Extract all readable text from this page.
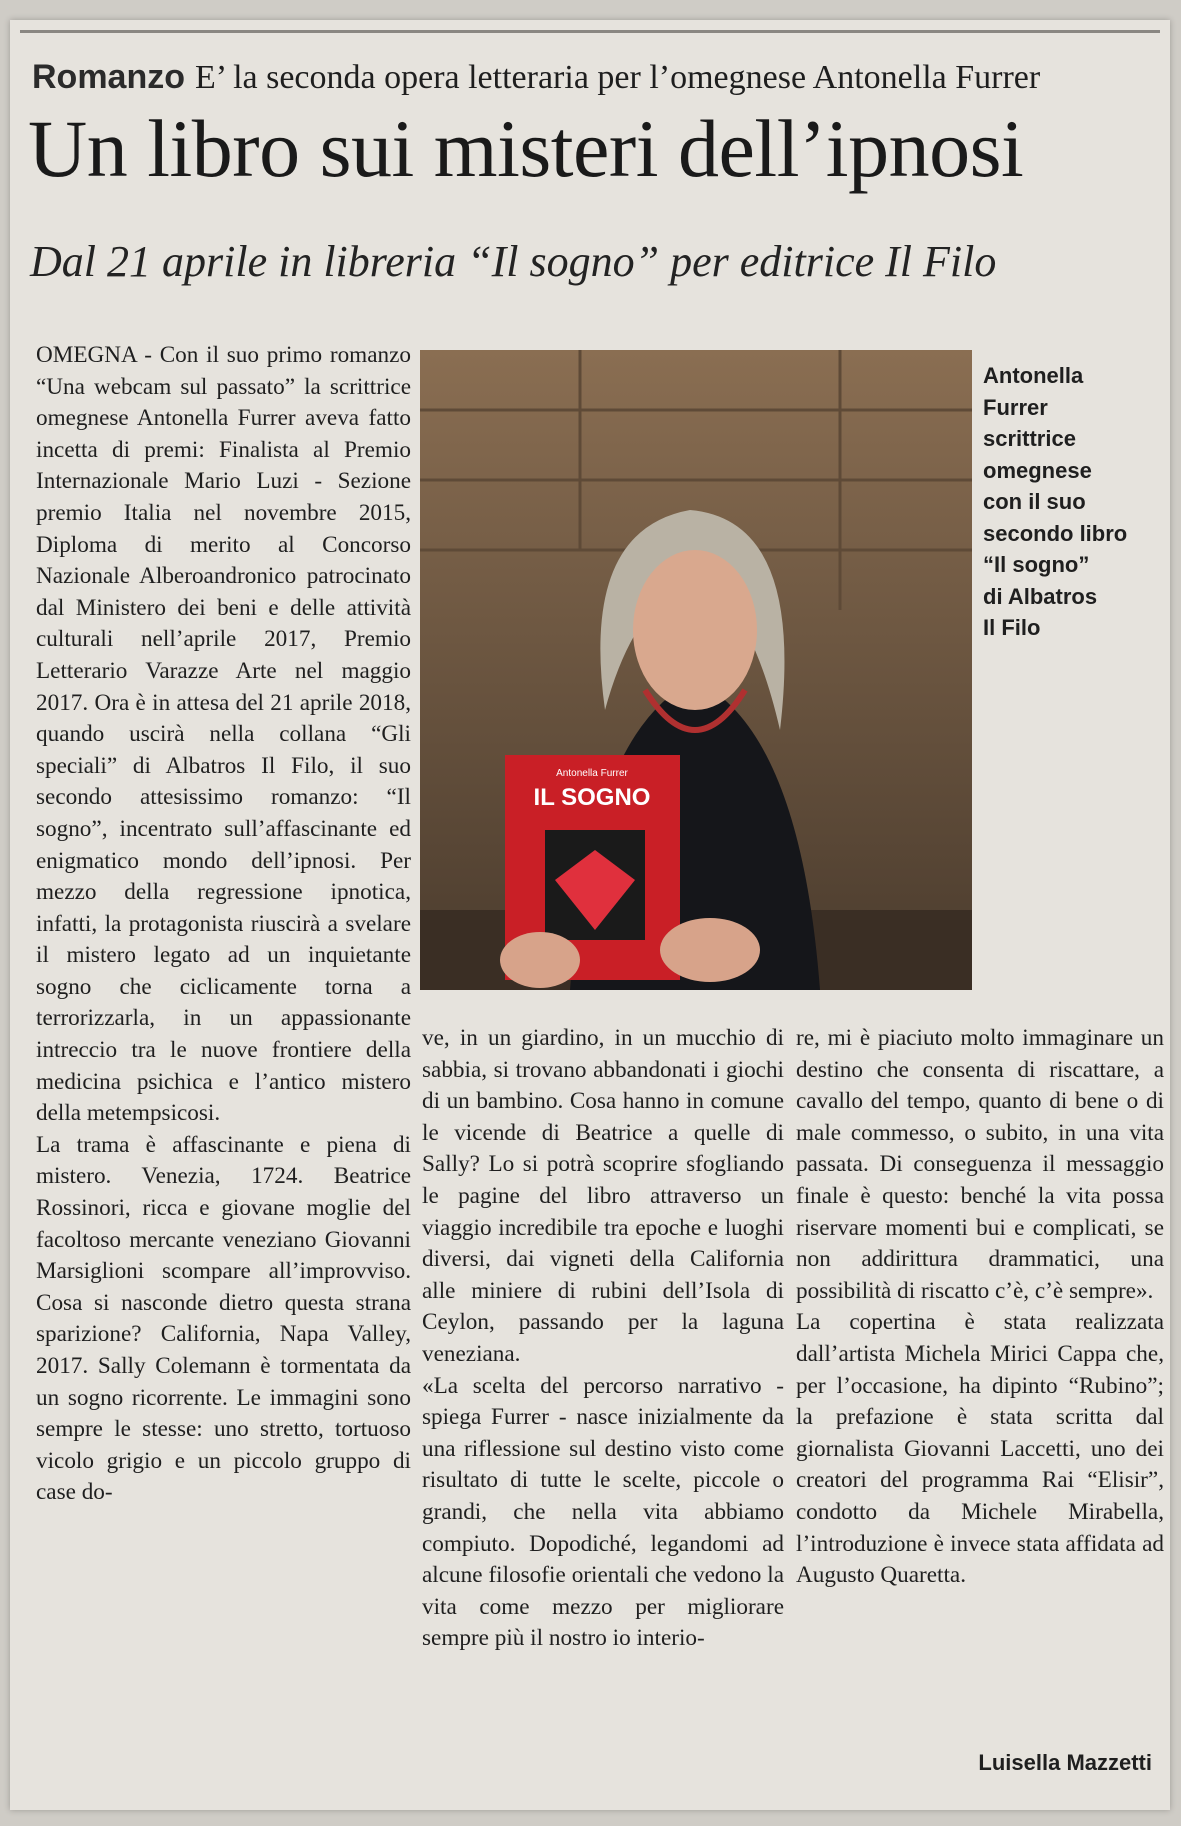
Romanzo E’ la seconda opera letteraria per l’omegnese Antonella Furrer
Un libro sui misteri dell’ipnosi
Dal 21 aprile in libreria “Il sogno” per editrice Il Filo

OMEGNA - Con il suo primo romanzo “Una webcam sul passato” la scrittrice omegnese Antonella Furrer aveva fatto incetta di premi: Finalista al Premio Internazionale Mario Luzi - Sezione premio Italia nel novembre 2015, Diploma di merito al Concorso Nazionale Alberoandronico patrocinato dal Ministero dei beni e delle attività culturali nell’aprile 2017, Premio Letterario Varazze Arte nel maggio 2017. Ora è in attesa del 21 aprile 2018, quando uscirà nella collana “Gli speciali” di Albatros Il Filo, il suo secondo attesissimo romanzo: “Il sogno”, incentrato sull’affascinante ed enigmatico mondo dell’ipnosi. Per mezzo della regressione ipnotica, infatti, la protagonista riuscirà a svelare il mistero legato ad un inquietante sogno che ciclicamente torna a terrorizzarla, in un appassionante intreccio tra le nuove frontiere della medicina psichica e l’antico mistero della metempsicosi.

La trama è affascinante e piena di mistero. Venezia, 1724. Beatrice Rossinori, ricca e giovane moglie del facoltoso mercante veneziano Giovanni Marsiglioni scompare all’improvviso. Cosa si nasconde dietro questa strana sparizione? California, Napa Valley, 2017. Sally Colemann è tormentata da un sogno ricorrente. Le immagini sono sempre le stesse: uno stretto, tortuoso vicolo grigio e un piccolo gruppo di case do-

IL SOGNO
Antonella Furrer
Antonella
Furrer
scrittrice
omegnese
con il suo
secondo libro
“Il sogno”
di Albatros
Il Filo

ve, in un giardino, in un mucchio di sabbia, si trovano abbandonati i giochi di un bambino. Cosa hanno in comune le vicende di Beatrice a quelle di Sally? Lo si potrà scoprire sfogliando le pagine del libro attraverso un viaggio incredibile tra epoche e luoghi diversi, dai vigneti della California alle miniere di rubini dell’Isola di Ceylon, passando per la laguna veneziana.

«La scelta del percorso narrativo - spiega Furrer - nasce inizialmente da una riflessione sul destino visto come risultato di tutte le scelte, piccole o grandi, che nella vita abbiamo compiuto. Dopodiché, legandomi ad alcune filosofie orientali che vedono la vita come mezzo per migliorare sempre più il nostro io interio-

re, mi è piaciuto molto immaginare un destino che consenta di riscattare, a cavallo del tempo, quanto di bene o di male commesso, o subito, in una vita passata. Di conseguenza il messaggio finale è questo: benché la vita possa riservare momenti bui e complicati, se non addirittura drammatici, una possibilità di riscatto c’è, c’è sempre».

La copertina è stata realizzata dall’artista Michela Mirici Cappa che, per l’occasione, ha dipinto “Rubino”; la prefazione è stata scritta dal giornalista Giovanni Laccetti, uno dei creatori del programma Rai “Elisir”, condotto da Michele Mirabella, l’introduzione è invece stata affidata ad Augusto Quaretta.

Luisella Mazzetti
